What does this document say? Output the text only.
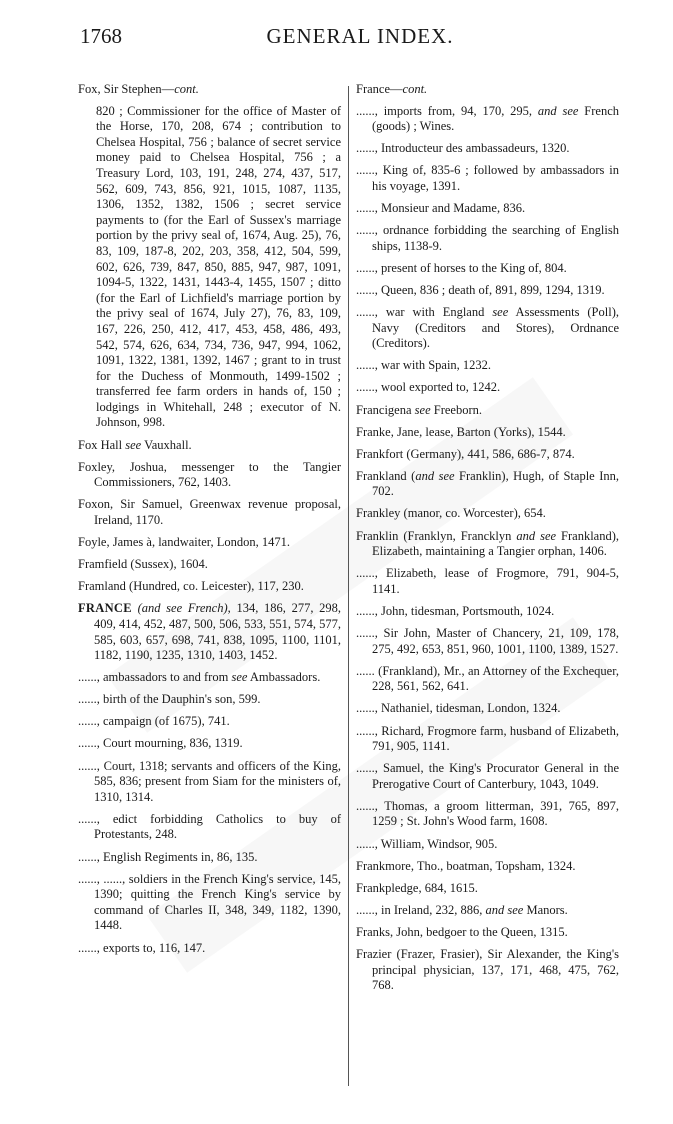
1768	GENERAL INDEX.

Fox, Sir Stephen—cont.

820 ; Commissioner for the office of Master of the Horse, 170, 208, 674 ; contribution to Chelsea Hospital, 756 ; balance of secret service money paid to Chelsea Hospital, 756 ; a Treasury Lord, 103, 191, 248, 274, 437, 517, 562, 609, 743, 856, 921, 1015, 1087, 1135, 1306, 1352, 1382, 1506 ; secret service payments to (for the Earl of Sussex's marriage portion by the privy seal of, 1674, Aug. 25), 76, 83, 109, 187-8, 202, 203, 358, 412, 504, 599, 602, 626, 739, 847, 850, 885, 947, 987, 1091, 1094-5, 1322, 1431, 1443-4, 1455, 1507 ; ditto (for the Earl of Lichfield's marriage portion by the privy seal of 1674, July 27), 76, 83, 109, 167, 226, 250, 412, 417, 453, 458, 486, 493, 542, 574, 626, 634, 734, 736, 947, 994, 1062, 1091, 1322, 1381, 1392, 1467 ; grant to in trust for the Duchess of Monmouth, 1499-1502 ; transferred fee farm orders in hands of, 150 ; lodgings in Whitehall, 248 ; executor of N. Johnson, 998.

Fox Hall see Vauxhall.

Foxley, Joshua, messenger to the Tangier Commissioners, 762, 1403.

Foxon, Sir Samuel, Greenwax revenue proposal, Ireland, 1170.

Foyle, James à, landwaiter, London, 1471.

Framfield (Sussex), 1604.

Framland (Hundred, co. Leicester), 117, 230.

FRANCE (and see French), 134, 186, 277, 298, 409, 414, 452, 487, 500, 506, 533, 551, 574, 577, 585, 603, 657, 698, 741, 838, 1095, 1100, 1101, 1182, 1190, 1235, 1310, 1403, 1452.

......, ambassadors to and from see Ambassadors.

......, birth of the Dauphin's son, 599.

......, campaign (of 1675), 741.

......, Court mourning, 836, 1319.

......, Court, 1318; servants and officers of the King, 585, 836; present from Siam for the ministers of, 1310, 1314.

......, edict forbidding Catholics to buy of Protestants, 248.

......, English Regiments in, 86, 135.

......, ......, soldiers in the French King's service, 145, 1390; quitting the French King's service by command of Charles II, 348, 349, 1182, 1390, 1448.

......, exports to, 116, 147.

France—cont.

......, imports from, 94, 170, 295, and see French (goods) ; Wines.

......, Introducteur des ambassadeurs, 1320.

......, King of, 835-6 ; followed by ambassadors in his voyage, 1391.

......, Monsieur and Madame, 836.

......, ordnance forbidding the searching of English ships, 1138-9.

......, present of horses to the King of, 804.

......, Queen, 836 ; death of, 891, 899, 1294, 1319.

......, war with England see Assessments (Poll), Navy (Creditors and Stores), Ordnance (Creditors).

......, war with Spain, 1232.

......, wool exported to, 1242.

Francigena see Freeborn.

Franke, Jane, lease, Barton (Yorks), 1544.

Frankfort (Germany), 441, 586, 686-7, 874.

Frankland (and see Franklin), Hugh, of Staple Inn, 702.

Frankley (manor, co. Worcester), 654.

Franklin (Franklyn, Francklyn and see Frankland), Elizabeth, maintaining a Tangier orphan, 1406.

......, Elizabeth, lease of Frogmore, 791, 904-5, 1141.

......, John, tidesman, Portsmouth, 1024.

......, Sir John, Master of Chancery, 21, 109, 178, 275, 492, 653, 851, 960, 1001, 1100, 1389, 1527.

...... (Frankland), Mr., an Attorney of the Exchequer, 228, 561, 562, 641.

......, Nathaniel, tidesman, London, 1324.

......, Richard, Frogmore farm, husband of Elizabeth, 791, 905, 1141.

......, Samuel, the King's Procurator General in the Prerogative Court of Canterbury, 1043, 1049.

......, Thomas, a groom litterman, 391, 765, 897, 1259 ; St. John's Wood farm, 1608.

......, William, Windsor, 905.

Frankmore, Tho., boatman, Topsham, 1324.

Frankpledge, 684, 1615.

......, in Ireland, 232, 886, and see Manors.

Franks, John, bedgoer to the Queen, 1315.

Frazier (Frazer, Frasier), Sir Alexander, the King's principal physician, 137, 171, 468, 475, 762, 768.
